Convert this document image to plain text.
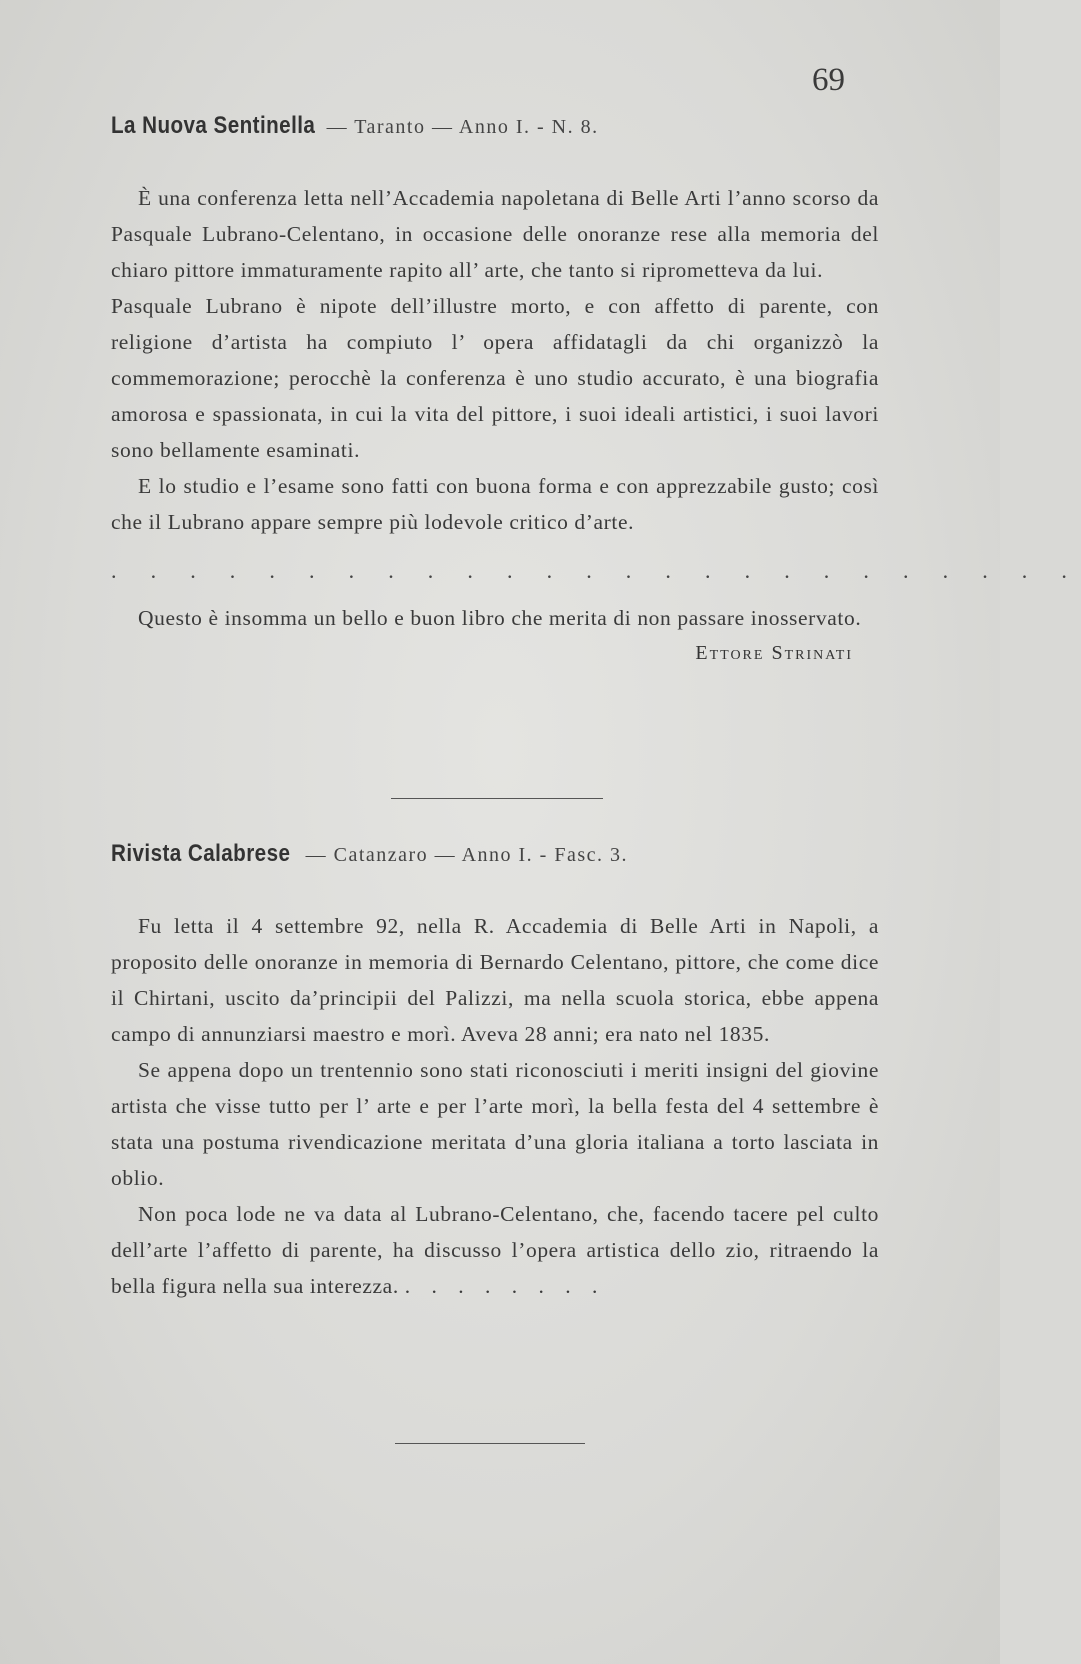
69
La Nuova Sentinella — Taranto — Anno I. - N. 8.

È una conferenza letta nell’Accademia napoletana di Belle Arti l’anno scorso da Pasquale Lubrano-Celentano, in occasione delle onoranze rese alla memoria del chiaro pittore immaturamente rapito all’ arte, che tanto si riprometteva da lui.

Pasquale Lubrano è nipote dell’illustre morto, e con affetto di parente, con religione d’artista ha compiuto l’ opera affidatagli da chi organizzò la commemorazione; perocchè la conferenza è uno studio accurato, è una biografia amorosa e spassionata, in cui la vita del pittore, i suoi ideali artistici, i suoi lavori sono bellamente esaminati.

E lo studio e l’esame sono fatti con buona forma e con apprezzabile gusto; così che il Lubrano appare sempre più lodevole critico d’arte.

. . . . . . . . . . . . . . . . . . . . . . . . .

Questo è insomma un bello e buon libro che merita di non passare inosservato.

Ettore Strinati
Rivista Calabrese — Catanzaro — Anno I. - Fasc. 3.

Fu letta il 4 settembre 92, nella R. Accademia di Belle Arti in Napoli, a proposito delle onoranze in memoria di Bernardo Celentano, pittore, che come dice il Chirtani, uscito da’principii del Palizzi, ma nella scuola storica, ebbe appena campo di annunziarsi maestro e morì. Aveva 28 anni; era nato nel 1835.

Se appena dopo un trentennio sono stati riconosciuti i meriti insigni del giovine artista che visse tutto per l’ arte e per l’arte morì, la bella festa del 4 settembre è stata una postuma rivendicazione meritata d’una gloria italiana a torto lasciata in oblio.

Non poca lode ne va data al Lubrano-Celentano, che, facendo tacere pel culto dell’arte l’affetto di parente, ha discusso l’opera artistica dello zio, ritraendo la bella figura nella sua interezza. . . . . . . . .
